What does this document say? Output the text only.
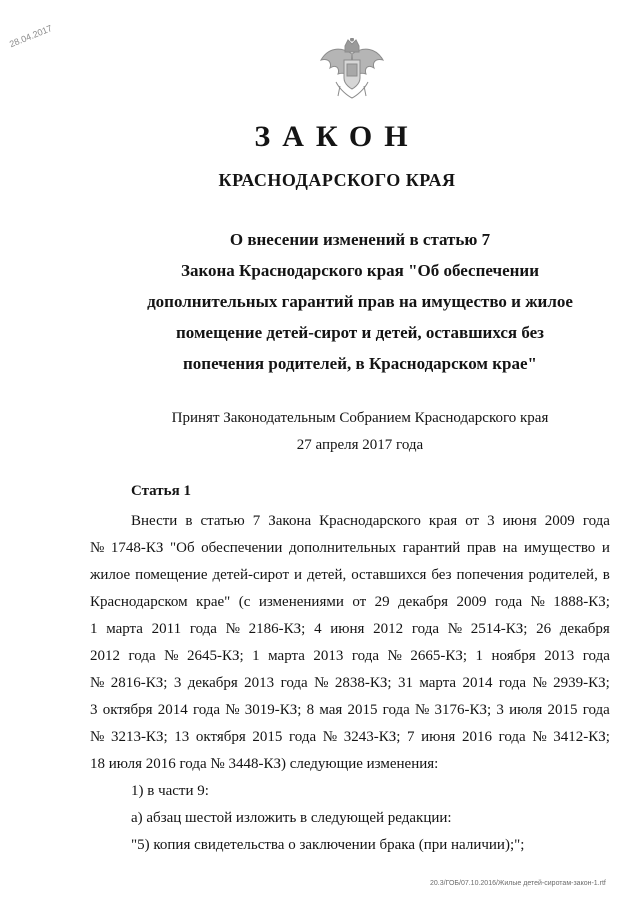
28.04.2017
ЗАКОН
КРАСНОДАРСКОГО КРАЯ
О внесении изменений в статью 7
Закона Краснодарского края "Об обеспечении
дополнительных гарантий прав на имущество и жилое
помещение детей-сирот и детей, оставшихся без
попечения родителей, в Краснодарском крае"
Принят Законодательным Собранием Краснодарского края
27 апреля 2017 года
Статья 1
Внести в статью 7 Закона Краснодарского края от 3 июня 2009 года
№ 1748-КЗ "Об обеспечении дополнительных гарантий прав на имущество и
жилое помещение детей-сирот и детей, оставшихся без попечения родителей, в
Краснодарском крае" (с изменениями от 29 декабря 2009 года № 1888-КЗ;
1 марта 2011 года № 2186-КЗ; 4 июня 2012 года № 2514-КЗ; 26 декабря
2012 года № 2645-КЗ; 1 марта 2013 года № 2665-КЗ; 1 ноября 2013 года
№ 2816-КЗ; 3 декабря 2013 года № 2838-КЗ; 31 марта 2014 года № 2939-КЗ;
3 октября 2014 года № 3019-КЗ; 8 мая 2015 года № 3176-КЗ; 3 июля 2015 года
№ 3213-КЗ; 13 октября 2015 года № 3243-КЗ; 7 июня 2016 года № 3412-КЗ;
18 июля 2016 года № 3448-КЗ) следующие изменения:
1) в части 9:
а) абзац шестой изложить в следующей редакции:
"5) копия свидетельства о заключении брака (при наличии);";
20.3/ГОБ/07.10.2016/Жилые детей-сиротам-закон-1.rtf
